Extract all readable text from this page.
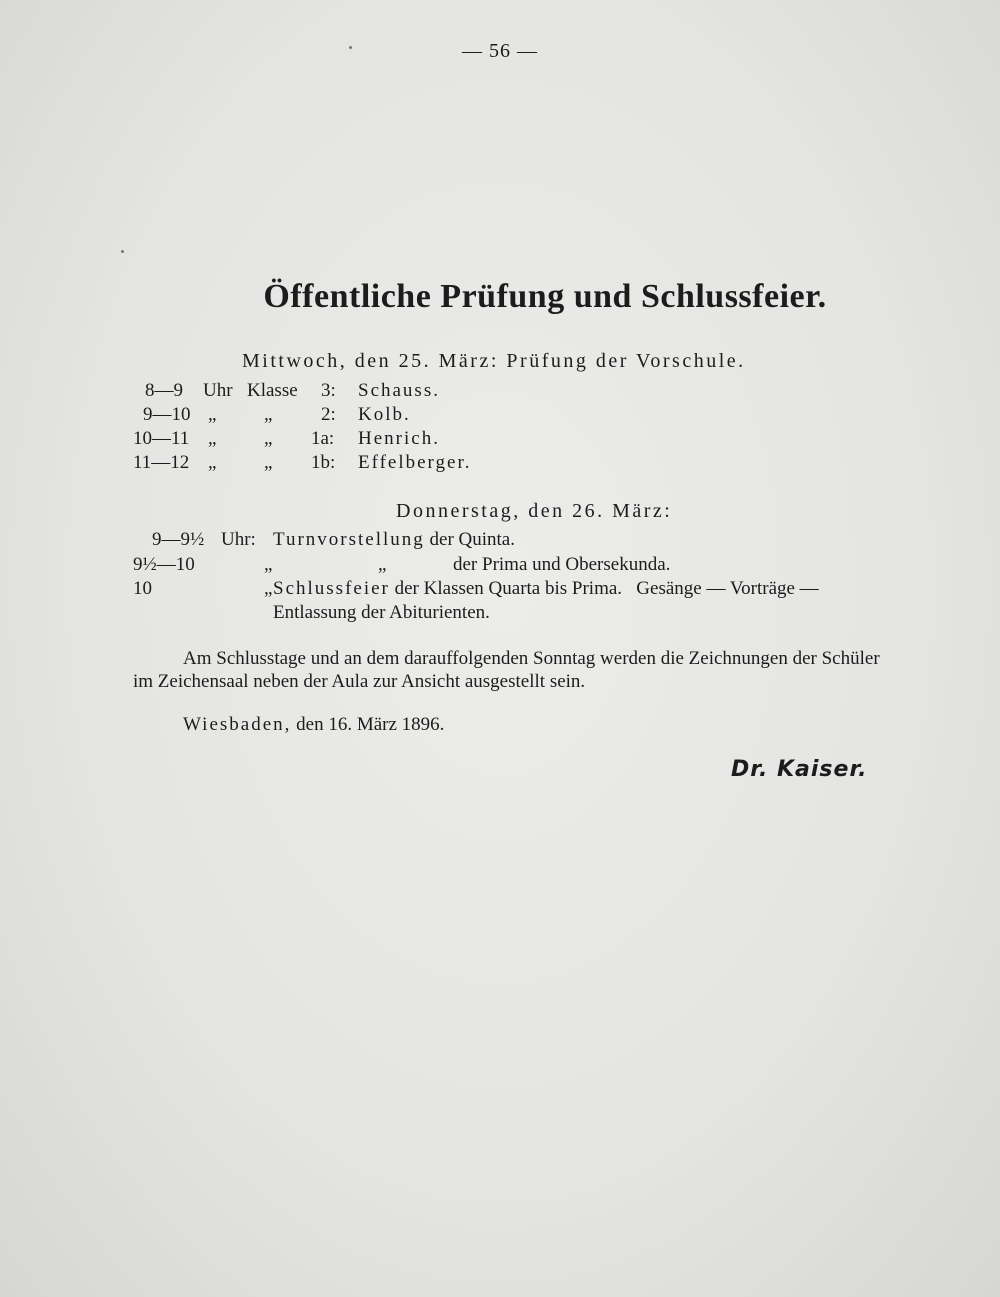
— 56 —
Öffentliche Prüfung und Schlussfeier.
Mittwoch, den 25. März: Prüfung der Vorschule.
8—9 Uhr Klasse 3: Schauss.
9—10 „	„	2: Kolb.
10—11 „	„ 1a: Henrich.
11—12 „	„ 1b: Effelberger.
Donnerstag, den 26. März:
9—9½ Uhr: Turnvorstellung der Quinta.
9½—10	„	„	der Prima und Obersekunda.
10	„ Schlussfeier der Klassen Quarta bis Prima.   Gesänge — Vorträge —
Entlassung der Abiturienten.
Am Schlusstage und an dem darauffolgenden Sonntag werden die Zeichnungen der Schüler
im Zeichensaal neben der Aula zur Ansicht ausgestellt sein.
Wiesbaden, den 16. März 1896.
Dr. Kaiser.
